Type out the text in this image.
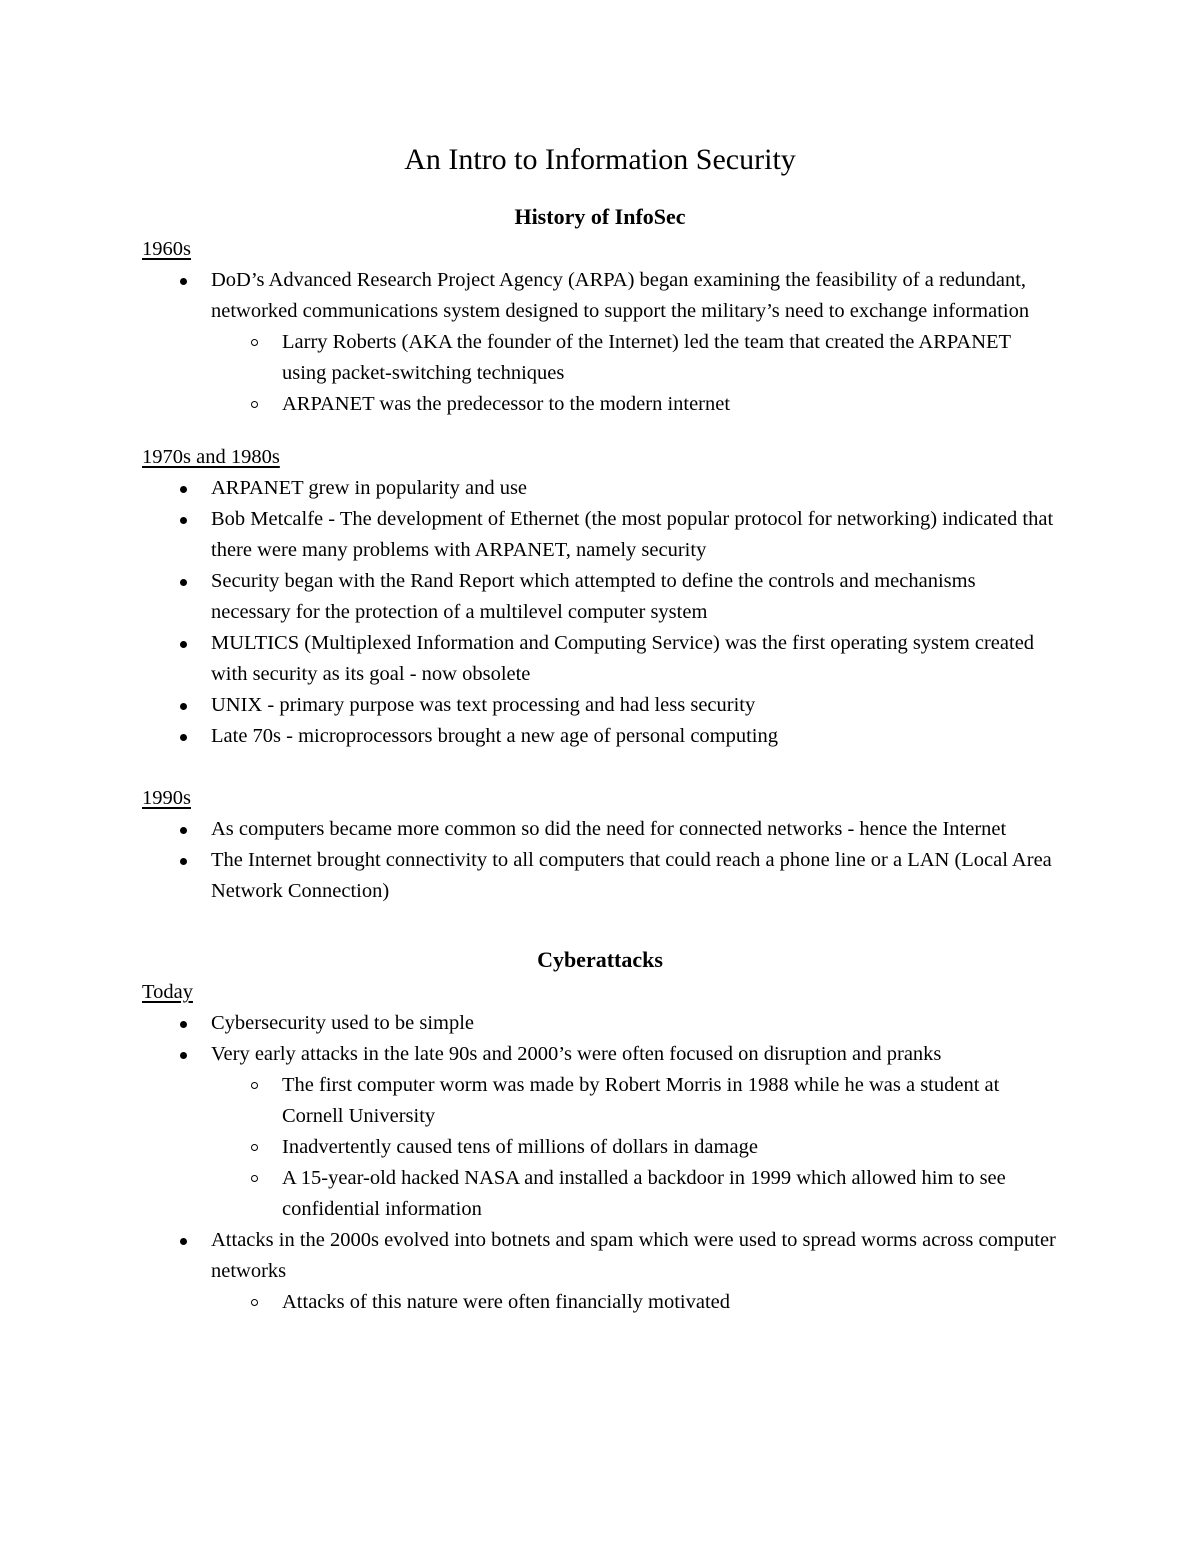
An Intro to Information Security
History of InfoSec

1960s

DoD’s Advanced Research Project Agency (ARPA) began examining the feasibility of a redundant, networked communications system designed to support the military’s need to exchange information
Larry Roberts (AKA the founder of the Internet) led the team that created the ARPANET using packet-switching techniques
ARPANET was the predecessor to the modern internet

1970s and 1980s

ARPANET grew in popularity and use
Bob Metcalfe - The development of Ethernet (the most popular protocol for networking) indicated that there were many problems with ARPANET, namely security
Security began with the Rand Report which attempted to define the controls and mechanisms necessary for the protection of a multilevel computer system
MULTICS (Multiplexed Information and Computing Service) was the first operating system created with security as its goal - now obsolete
UNIX - primary purpose was text processing and had less security
Late 70s - microprocessors brought a new age of personal computing

1990s

As computers became more common so did the need for connected networks - hence the Internet
The Internet brought connectivity to all computers that could reach a phone line or a LAN (Local Area Network Connection)
Cyberattacks

Today

Cybersecurity used to be simple
Very early attacks in the late 90s and 2000’s were often focused on disruption and pranks
The first computer worm was made by Robert Morris in 1988 while he was a student at Cornell University
Inadvertently caused tens of millions of dollars in damage
A 15-year-old hacked NASA and installed a backdoor in 1999 which allowed him to see confidential information
Attacks in the 2000s evolved into botnets and spam which were used to spread worms across computer networks
Attacks of this nature were often financially motivated
